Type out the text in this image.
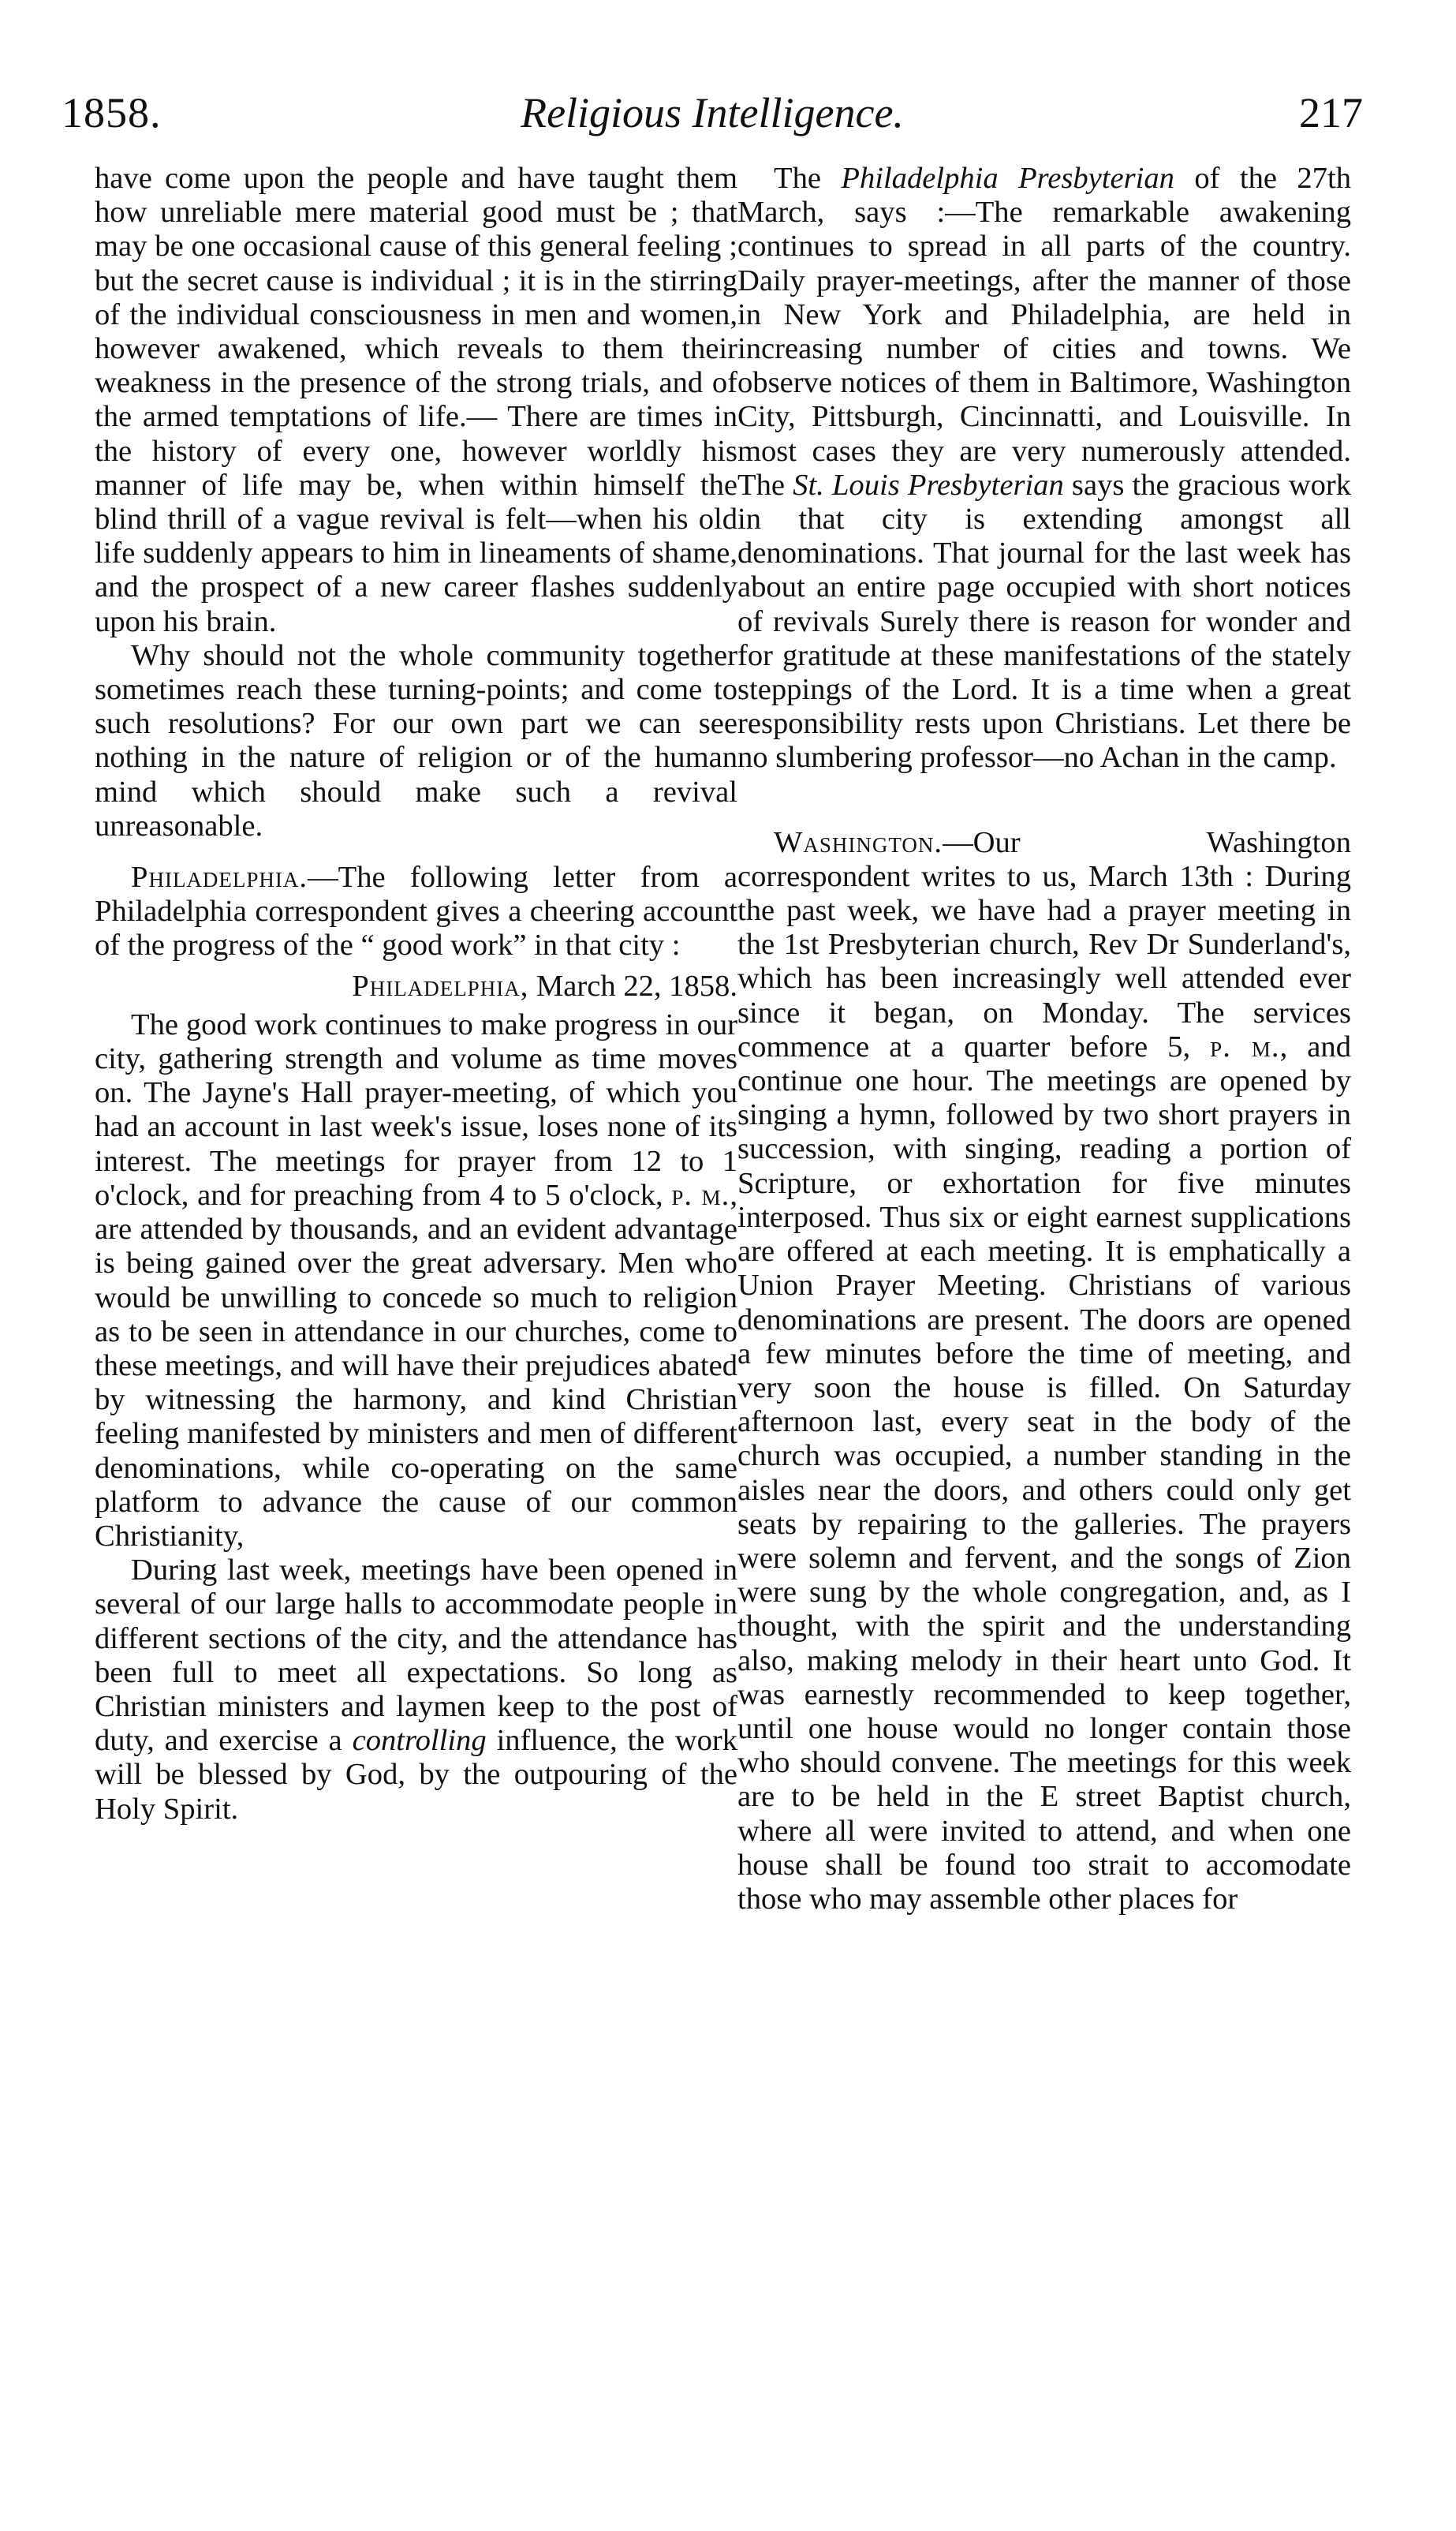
1858.	Religious Intelligence.	217

have come upon the people and have taught them how unreliable mere material good must be ; that may be one occasional cause of this general feeling ; but the secret cause is individual ; it is in the stirring of the individual consciousness in men and women, however awakened, which reveals to them their weakness in the presence of the strong trials, and of the armed temptations of life.— There are times in the history of every one, however worldly his manner of life may be, when within himself the blind thrill of a vague revival is felt—when his old life suddenly appears to him in lineaments of shame, and the prospect of a new career flashes suddenly upon his brain.

Why should not the whole community together sometimes reach these turning-points; and come to such resolutions? For our own part we can see nothing in the nature of religion or of the human mind which should make such a revival unreasonable.

Philadelphia.—The following letter from a Philadelphia correspondent gives a cheering account of the progress of the “ good work” in that city :

Philadelphia, March 22, 1858.

The good work continues to make progress in our city, gathering strength and volume as time moves on. The Jayne's Hall prayer-meeting, of which you had an account in last week's issue, loses none of its interest. The meetings for prayer from 12 to 1 o'clock, and for preaching from 4 to 5 o'clock, p. m., are attended by thousands, and an evident advantage is being gained over the great adversary. Men who would be unwilling to concede so much to religion as to be seen in attendance in our churches, come to these meetings, and will have their prejudices abated by witnessing the harmony, and kind Christian feeling manifested by ministers and men of different denominations, while co-operating on the same platform to advance the cause of our common Christianity,

During last week, meetings have been opened in several of our large halls to accommodate people in different sections of the city, and the attendance has been full to meet all expectations. So long as Christian ministers and laymen keep to the post of duty, and exercise a controlling influence, the work will be blessed by God, by the outpouring of the Holy Spirit.

The Philadelphia Presbyterian of the 27th March, says :—The remarkable awakening continues to spread in all parts of the country. Daily prayer-meetings, after the manner of those in New York and Philadelphia, are held in increasing number of cities and towns. We observe notices of them in Baltimore, Washington City, Pittsburgh, Cincinnatti, and Louisville. In most cases they are very numerously attended. The St. Louis Presbyterian says the gracious work in that city is extending amongst all denominations. That journal for the last week has about an entire page occupied with short notices of revivals Surely there is reason for wonder and for gratitude at these manifestations of the stately steppings of the Lord. It is a time when a great responsibility rests upon Christians. Let there be no slumbering professor—no Achan in the camp.

Washington.—Our Washington correspondent writes to us, March 13th : During the past week, we have had a prayer meeting in the 1st Presbyterian church, Rev Dr Sunderland's, which has been increasingly well attended ever since it began, on Monday. The services commence at a quarter before 5, p. m., and continue one hour. The meetings are opened by singing a hymn, followed by two short prayers in succession, with singing, reading a portion of Scripture, or exhortation for five minutes interposed. Thus six or eight earnest supplications are offered at each meeting. It is emphatically a Union Prayer Meeting. Christians of various denominations are present. The doors are opened a few minutes before the time of meeting, and very soon the house is filled. On Saturday afternoon last, every seat in the body of the church was occupied, a number standing in the aisles near the doors, and others could only get seats by repairing to the galleries. The prayers were solemn and fervent, and the songs of Zion were sung by the whole congregation, and, as I thought, with the spirit and the understanding also, making melody in their heart unto God. It was earnestly recommended to keep together, until one house would no longer contain those who should convene. The meetings for this week are to be held in the E street Baptist church, where all were invited to attend, and when one house shall be found too strait to accomodate those who may assemble other places for
